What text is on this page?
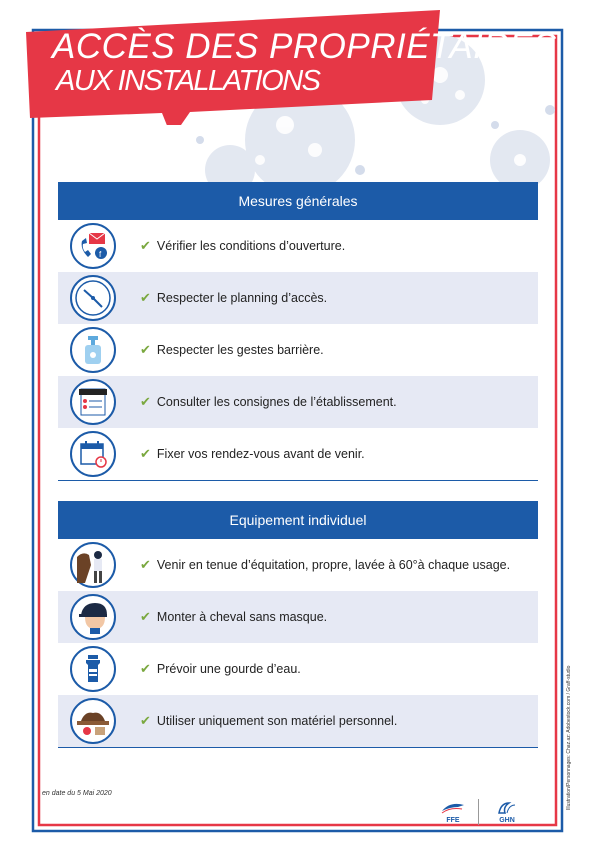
ACCÈS DES PROPRIÉTAIRES
AUX INSTALLATIONS
Mesures générales
f
✔ Vérifier les conditions d’ouverture.
✔ Respecter le planning d’accès.
✔ Respecter les gestes barrière.
✔ Consulter les consignes de l’établissement.
✔ Fixer vos rendez-vous avant de venir.
Equipement individuel
✔ Venir en tenue d’équitation, propre, lavée à 60°à chaque usage.
✔ Monter à cheval sans masque.
✔ Prévoir une gourde d’eau.
✔ Utiliser uniquement son matériel personnel.
en date du 5 Mai 2020	Illustration/Personnages: Chaz.az: Adobestock.com / Graff-studio
FFE	GHN
